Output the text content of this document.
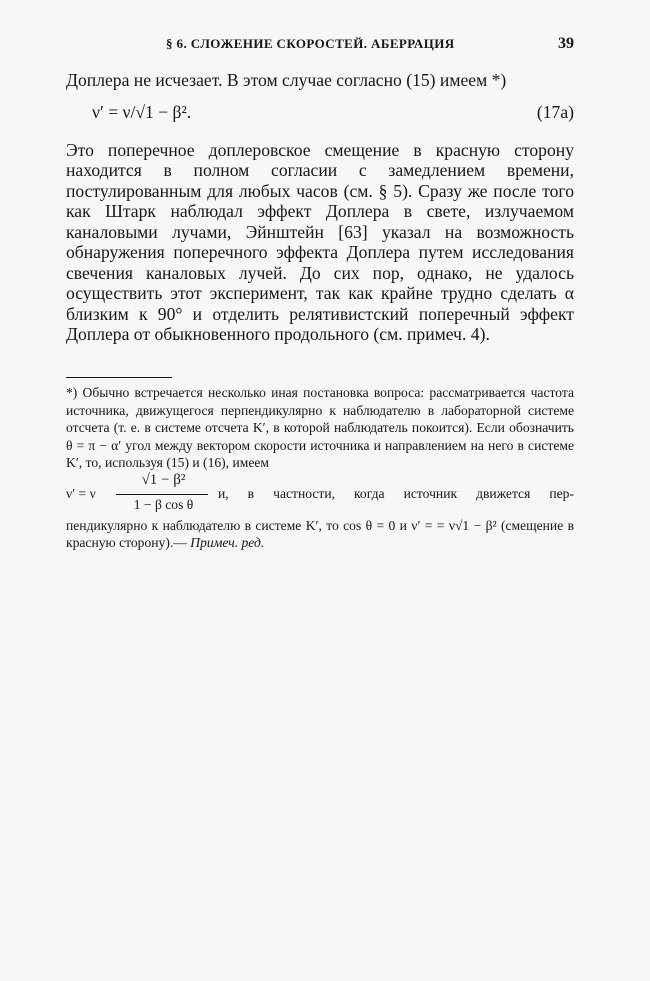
§ 6. СЛОЖЕНИЕ СКОРОСТЕЙ. АБЕРРАЦИЯ	39

Доплера не исчезает. В этом случае согласно (15) имеем *)

ν′ = ν/√1 − β².	(17a)

Это поперечное доплеровское смещение в красную сторону находится в полном согласии с замедлением времени, постулированным для любых часов (см. § 5). Сразу же после того как Штарк наблюдал эффект Доплера в свете, излучаемом каналовыми лучами, Эйнштейн [63] указал на возможность обнаружения поперечного эффекта Доплера путем исследования свечения каналовых лучей. До сих пор, однако, не удалось осуществить этот эксперимент, так как крайне трудно сделать α близким к 90° и отделить релятивистский поперечный эффект Доплера от обыкновенного продольного (см. примеч. 4).

*) Обычно встречается несколько иная постановка вопроса: рассматривается частота источника, движущегося перпендикулярно к наблюдателю в лабораторной системе отсчета (т. е. в системе отсчета K′, в которой наблюдатель покоится). Если обозначить θ = π − α′ угол между вектором скорости источника и направлением на него в системе K′, то, используя (15) и (16), имеем

ν′ = ν
√1 − β²
1 − β cos θ
и, в частности, когда источник движется пер-

пендикулярно к наблюдателю в системе K′, то cos θ = 0 и ν′ = = ν√1 − β² (смещение в красную сторону).— Примеч. ред.
